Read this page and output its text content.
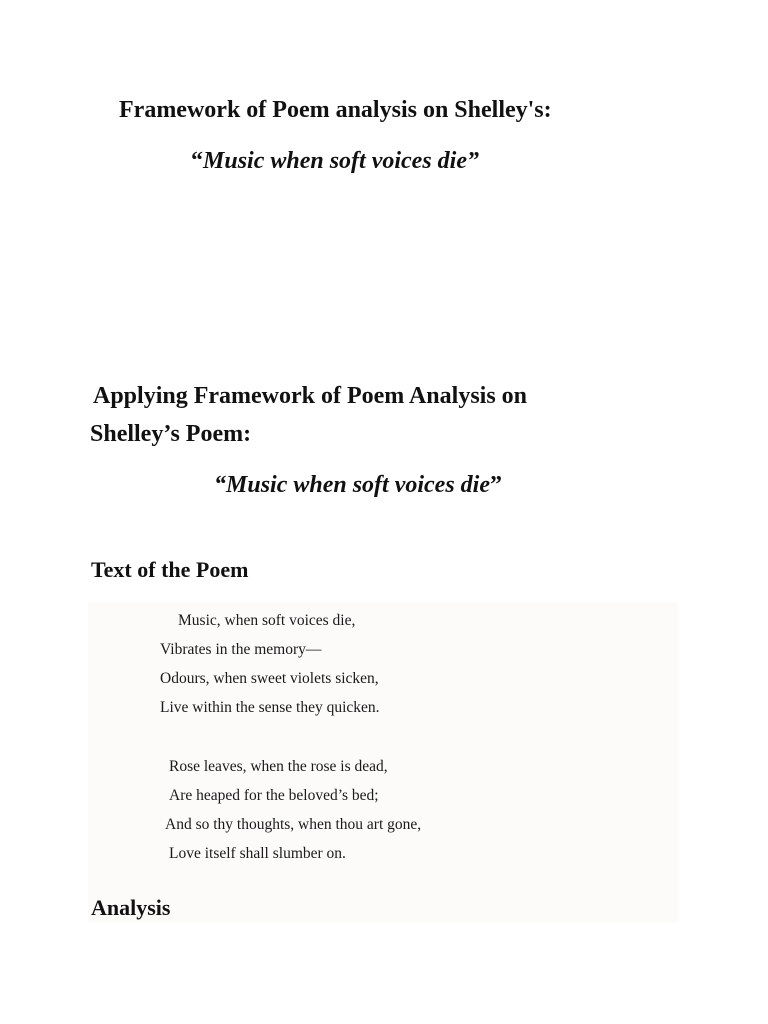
Framework of Poem analysis on Shelley's:
“Music when soft voices die”
Applying Framework of Poem Analysis on
Shelley’s Poem:
“Music when soft voices die”
Text of the Poem
Music, when soft voices die,
Vibrates in the memory—
Odours, when sweet violets sicken,
Live within the sense they quicken.
Rose leaves, when the rose is dead,
Are heaped for the beloved’s bed;
And so thy thoughts, when thou art gone,
Love itself shall slumber on.
Analysis
